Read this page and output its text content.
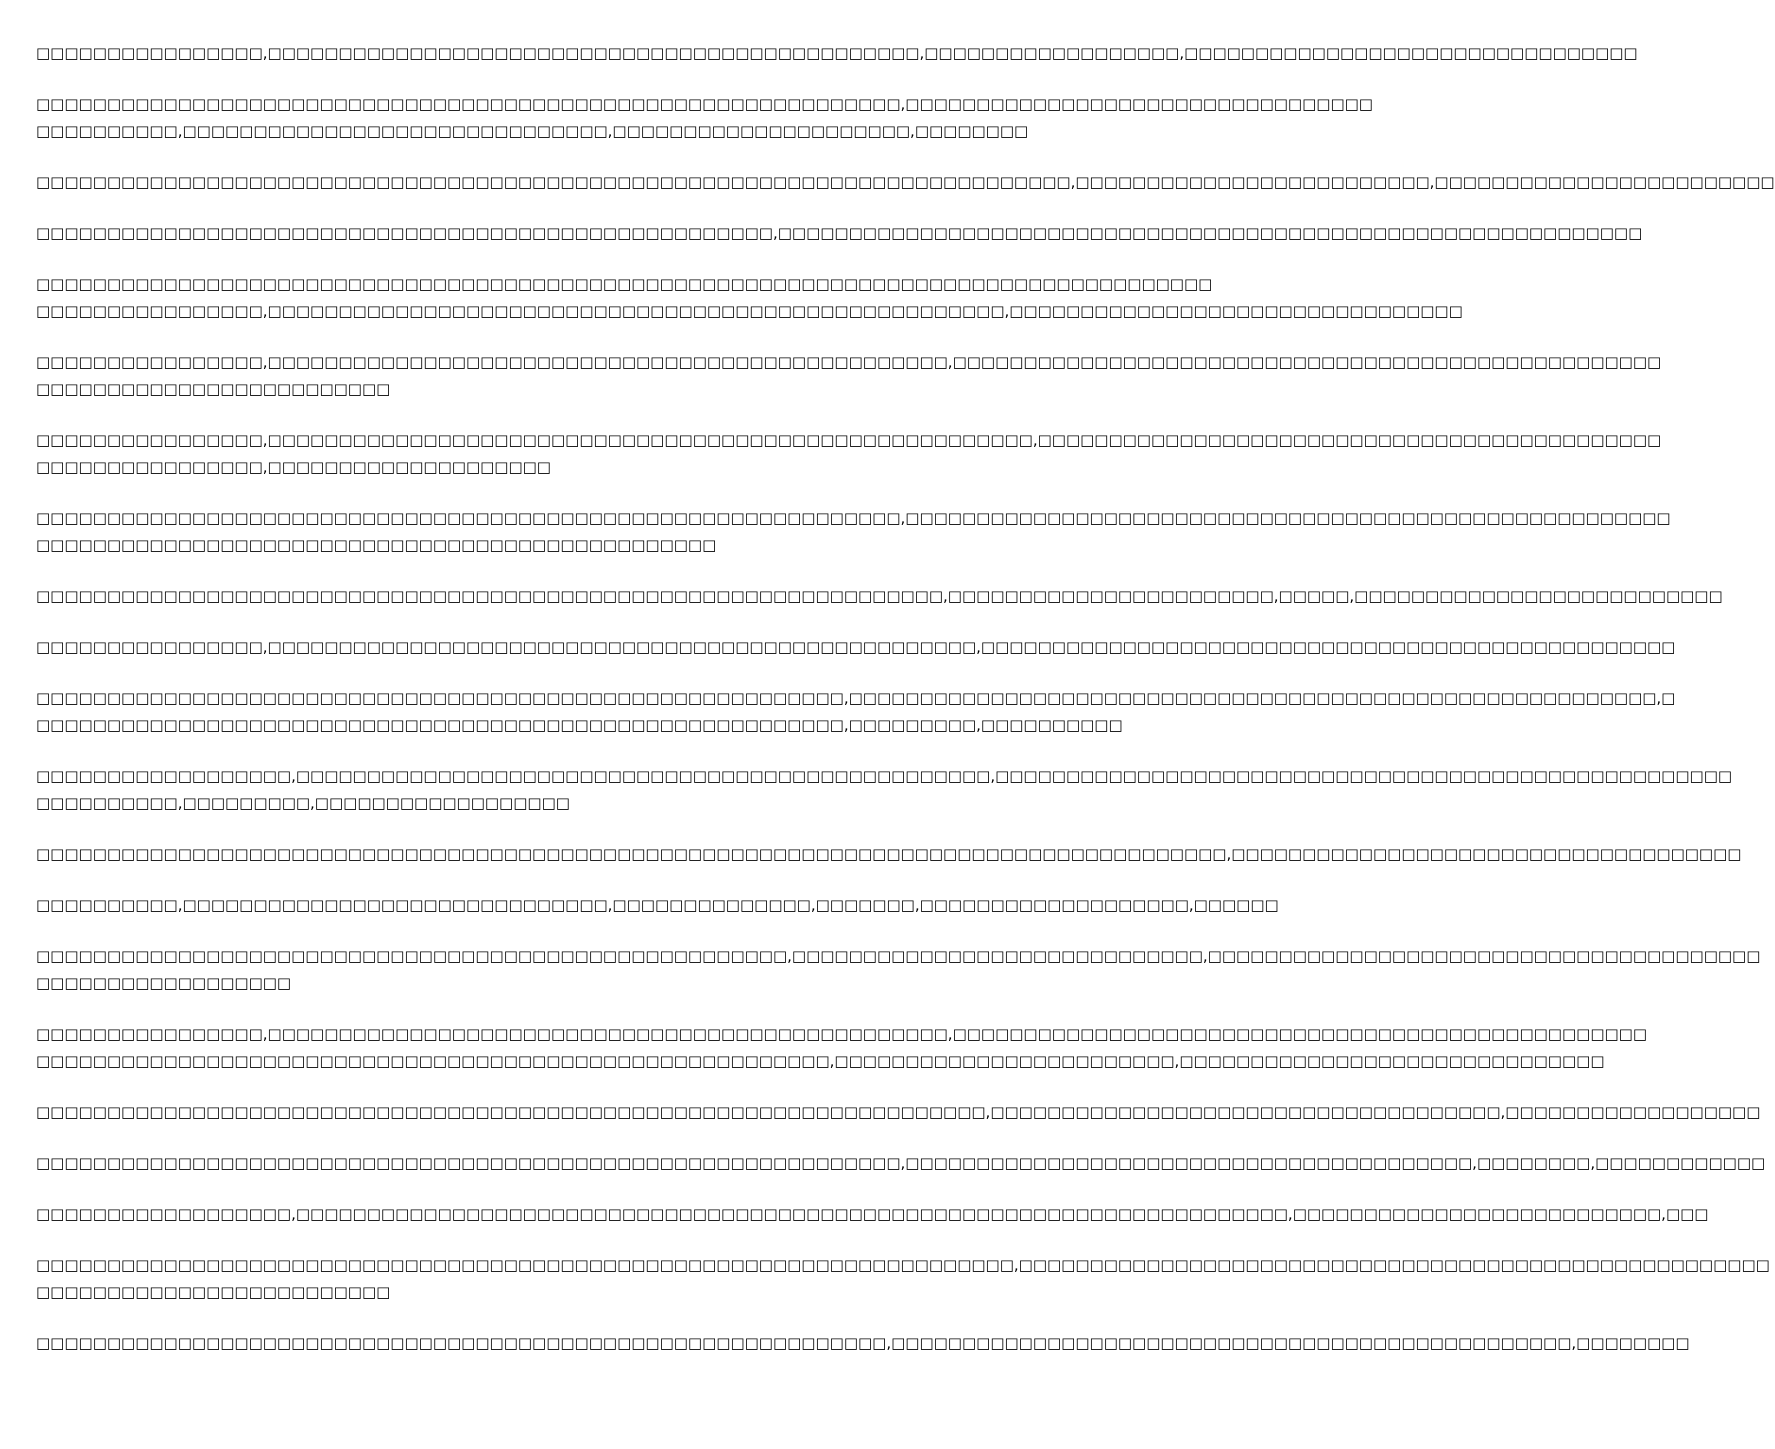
□□□□□□□□□□□□□□□□,□□□□□□□□□□□□□□□□□□□□□□□□□□□□□□□□□□□□□□□□□□□□□□,□□□□□□□□□□□□□□□□□□,□□□□□□□□□□□□□□□□□□□□□□□□□□□□□□□□

□□□□□□□□□□□□□□□□□□□□□□□□□□□□□□□□□□□□□□□□□□□□□□□□□□□□□□□□□□□□□,□□□□□□□□□□□□□□□□□□□□□□□□□□□□□□□□□
□□□□□□□□□□,□□□□□□□□□□□□□□□□□□□□□□□□□□□□□□,□□□□□□□□□□□□□□□□□□□□□,□□□□□□□□

□□□□□□□□□□□□□□□□□□□□□□□□□□□□□□□□□□□□□□□□□□□□□□□□□□□□□□□□□□□□□□□□□□□□□□□□□,□□□□□□□□□□□□□□□□□□□□□□□□□,□□□□□□□□□□□□□□□□□□□□□□□□

□□□□□□□□□□□□□□□□□□□□□□□□□□□□□□□□□□□□□□□□□□□□□□□□□□□□,□□□□□□□□□□□□□□□□□□□□□□□□□□□□□□□□□□□□□□□□□□□□□□□□□□□□□□□□□□□□□

□□□□□□□□□□□□□□□□□□□□□□□□□□□□□□□□□□□□□□□□□□□□□□□□□□□□□□□□□□□□□□□□□□□□□□□□□□□□□□□□□□□
□□□□□□□□□□□□□□□□,□□□□□□□□□□□□□□□□□□□□□□□□□□□□□□□□□□□□□□□□□□□□□□□□□□□□,□□□□□□□□□□□□□□□□□□□□□□□□□□□□□□□□

□□□□□□□□□□□□□□□□,□□□□□□□□□□□□□□□□□□□□□□□□□□□□□□□□□□□□□□□□□□□□□□□□,□□□□□□□□□□□□□□□□□□□□□□□□□□□□□□□□□□□□□□□□□□□□□□□□□□
□□□□□□□□□□□□□□□□□□□□□□□□□

□□□□□□□□□□□□□□□□,□□□□□□□□□□□□□□□□□□□□□□□□□□□□□□□□□□□□□□□□□□□□□□□□□□□□□□,□□□□□□□□□□□□□□□□□□□□□□□□□□□□□□□□□□□□□□□□□□□□
□□□□□□□□□□□□□□□□,□□□□□□□□□□□□□□□□□□□□

□□□□□□□□□□□□□□□□□□□□□□□□□□□□□□□□□□□□□□□□□□□□□□□□□□□□□□□□□□□□□,□□□□□□□□□□□□□□□□□□□□□□□□□□□□□□□□□□□□□□□□□□□□□□□□□□□□□□
□□□□□□□□□□□□□□□□□□□□□□□□□□□□□□□□□□□□□□□□□□□□□□□□

□□□□□□□□□□□□□□□□□□□□□□□□□□□□□□□□□□□□□□□□□□□□□□□□□□□□□□□□□□□□□□□□,□□□□□□□□□□□□□□□□□□□□□□□,□□□□□,□□□□□□□□□□□□□□□□□□□□□□□□□□

□□□□□□□□□□□□□□□□,□□□□□□□□□□□□□□□□□□□□□□□□□□□□□□□□□□□□□□□□□□□□□□□□□□,□□□□□□□□□□□□□□□□□□□□□□□□□□□□□□□□□□□□□□□□□□□□□□□□□

□□□□□□□□□□□□□□□□□□□□□□□□□□□□□□□□□□□□□□□□□□□□□□□□□□□□□□□□□,□□□□□□□□□□□□□□□□□□□□□□□□□□□□□□□□□□□□□□□□□□□□□□□□□□□□□□□□□,□
□□□□□□□□□□□□□□□□□□□□□□□□□□□□□□□□□□□□□□□□□□□□□□□□□□□□□□□□□,□□□□□□□□□,□□□□□□□□□□

□□□□□□□□□□□□□□□□□□,□□□□□□□□□□□□□□□□□□□□□□□□□□□□□□□□□□□□□□□□□□□□□□□□□,□□□□□□□□□□□□□□□□□□□□□□□□□□□□□□□□□□□□□□□□□□□□□□□□□□□□
□□□□□□□□□□,□□□□□□□□□,□□□□□□□□□□□□□□□□□□

□□□□□□□□□□□□□□□□□□□□□□□□□□□□□□□□□□□□□□□□□□□□□□□□□□□□□□□□□□□□□□□□□□□□□□□□□□□□□□□□□□□□,□□□□□□□□□□□□□□□□□□□□□□□□□□□□□□□□□□□□

□□□□□□□□□□,□□□□□□□□□□□□□□□□□□□□□□□□□□□□□□,□□□□□□□□□□□□□□,□□□□□□□,□□□□□□□□□□□□□□□□□□□,□□□□□□

□□□□□□□□□□□□□□□□□□□□□□□□□□□□□□□□□□□□□□□□□□□□□□□□□□□□□,□□□□□□□□□□□□□□□□□□□□□□□□□□□□□,□□□□□□□□□□□□□□□□□□□□□□□□□□□□□□□□□□□□□□□
□□□□□□□□□□□□□□□□□□

□□□□□□□□□□□□□□□□,□□□□□□□□□□□□□□□□□□□□□□□□□□□□□□□□□□□□□□□□□□□□□□□□,□□□□□□□□□□□□□□□□□□□□□□□□□□□□□□□□□□□□□□□□□□□□□□□□□
□□□□□□□□□□□□□□□□□□□□□□□□□□□□□□□□□□□□□□□□□□□□□□□□□□□□□□□□,□□□□□□□□□□□□□□□□□□□□□□□□,□□□□□□□□□□□□□□□□□□□□□□□□□□□□□□

□□□□□□□□□□□□□□□□□□□□□□□□□□□□□□□□□□□□□□□□□□□□□□□□□□□□□□□□□□□□□□□□□□□,□□□□□□□□□□□□□□□□□□□□□□□□□□□□□□□□□□□□,□□□□□□□□□□□□□□□□□□

□□□□□□□□□□□□□□□□□□□□□□□□□□□□□□□□□□□□□□□□□□□□□□□□□□□□□□□□□□□□□,□□□□□□□□□□□□□□□□□□□□□□□□□□□□□□□□□□□□□□□□,□□□□□□□□,□□□□□□□□□□□□

□□□□□□□□□□□□□□□□□□,□□□□□□□□□□□□□□□□□□□□□□□□□□□□□□□□□□□□□□□□□□□□□□□□□□□□□□□□□□□□□□□□□□□□□□,□□□□□□□□□□□□□□□□□□□□□□□□□□,□□□

□□□□□□□□□□□□□□□□□□□□□□□□□□□□□□□□□□□□□□□□□□□□□□□□□□□□□□□□□□□□□□□□□□□□□,□□□□□□□□□□□□□□□□□□□□□□□□□□□□□□□□□□□□□□□□□□□□□□□□□□□□□
□□□□□□□□□□□□□□□□□□□□□□□□□

□□□□□□□□□□□□□□□□□□□□□□□□□□□□□□□□□□□□□□□□□□□□□□□□□□□□□□□□□□□□,□□□□□□□□□□□□□□□□□□□□□□□□□□□□□□□□□□□□□□□□□□□□□□□□,□□□□□□□□
